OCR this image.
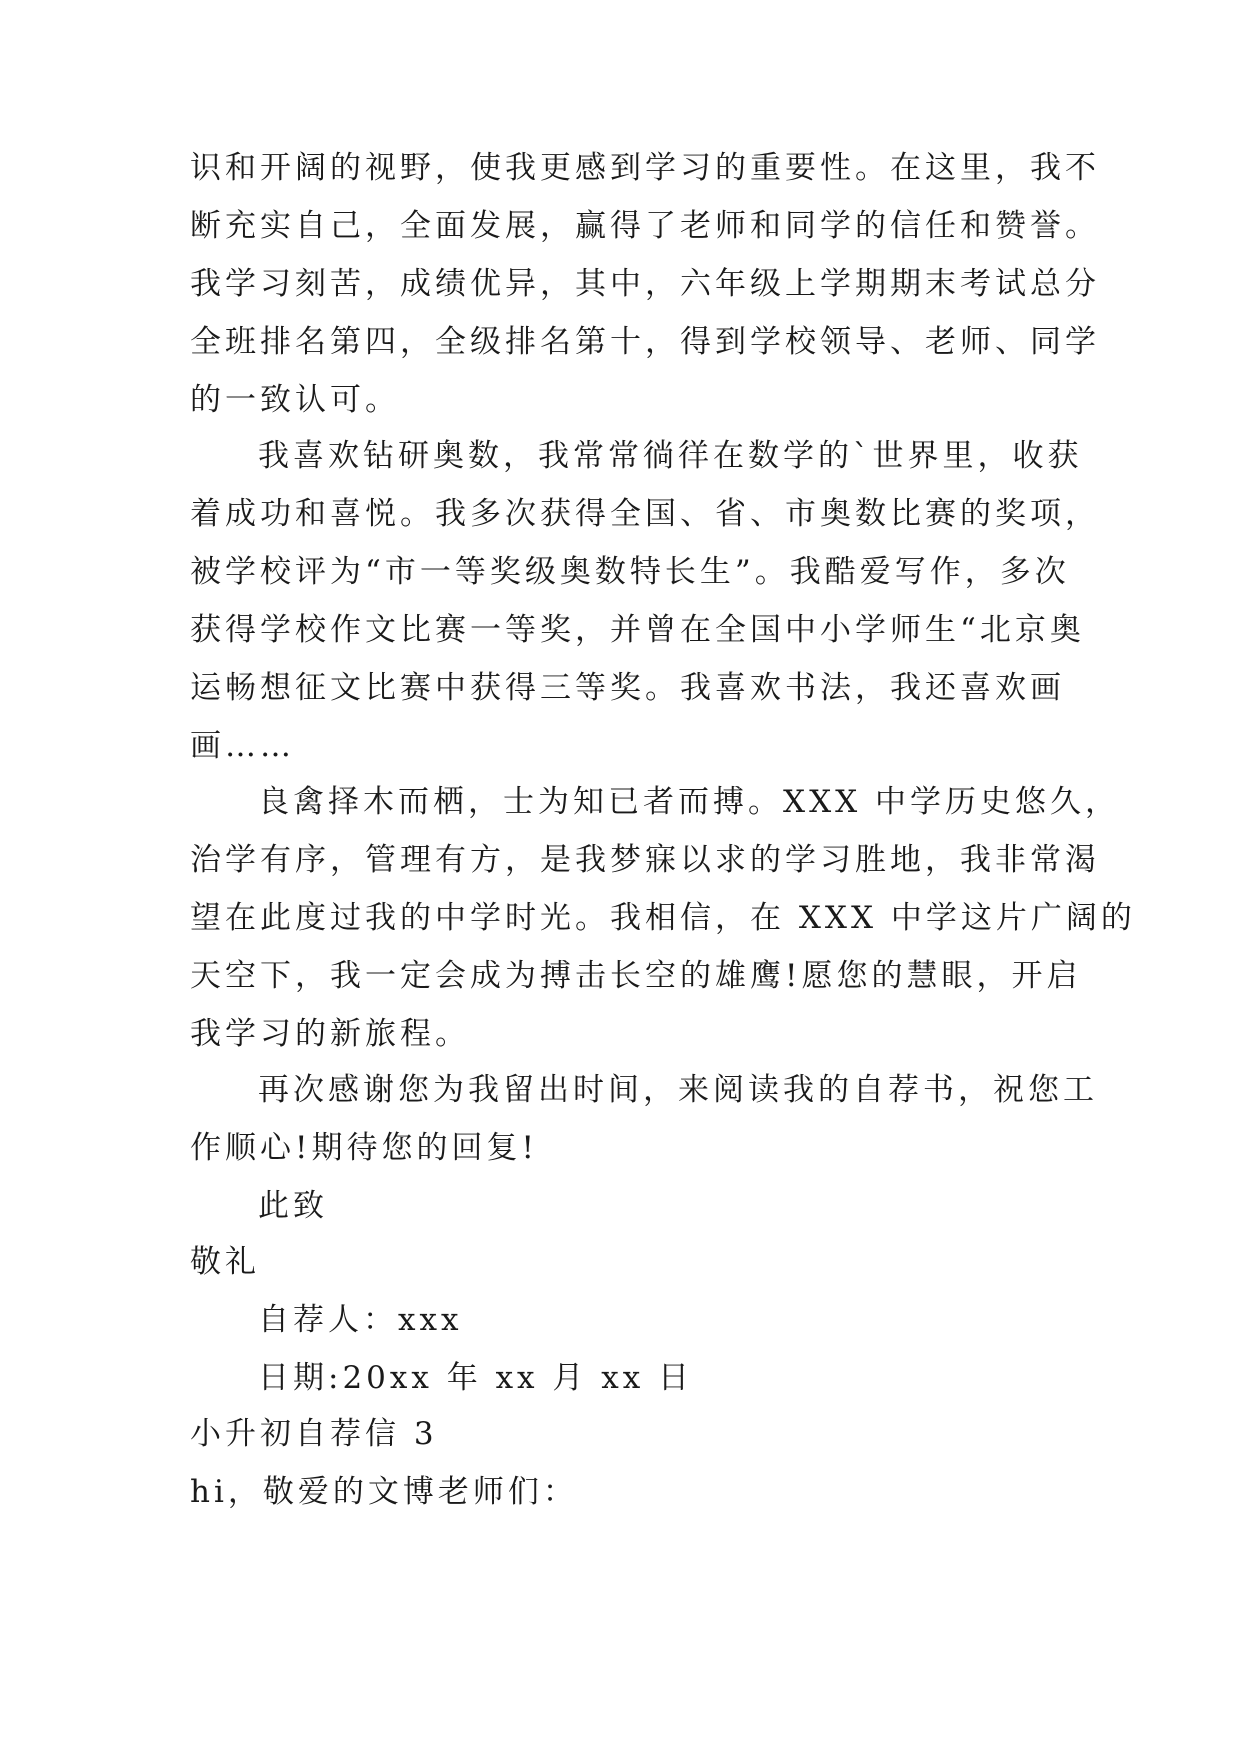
识和开阔的视野，使我更感到学习的重要性。在这里，我不
断充实自己，全面发展，赢得了老师和同学的信任和赞誉。
我学习刻苦，成绩优异，其中，六年级上学期期末考试总分
全班排名第四，全级排名第十，得到学校领导、老师、同学
的一致认可。
我喜欢钻研奥数，我常常徜徉在数学的`世界里，收获
着成功和喜悦。我多次获得全国、省、市奥数比赛的奖项，
被学校评为“市一等奖级奥数特长生”。我酷爱写作，多次
获得学校作文比赛一等奖，并曾在全国中小学师生“北京奥
运畅想征文比赛中获得三等奖。我喜欢书法，我还喜欢画
画……
良禽择木而栖，士为知已者而搏。XXX 中学历史悠久，
治学有序，管理有方，是我梦寐以求的学习胜地，我非常渴
望在此度过我的中学时光。我相信，在 XXX 中学这片广阔的
天空下，我一定会成为搏击长空的雄鹰!愿您的慧眼，开启
我学习的新旅程。
再次感谢您为我留出时间，来阅读我的自荐书，祝您工
作顺心!期待您的回复!
此致
敬礼
自荐人：xxx
日期:20xx 年 xx 月 xx 日
小升初自荐信 3
hi，敬爱的文博老师们：
